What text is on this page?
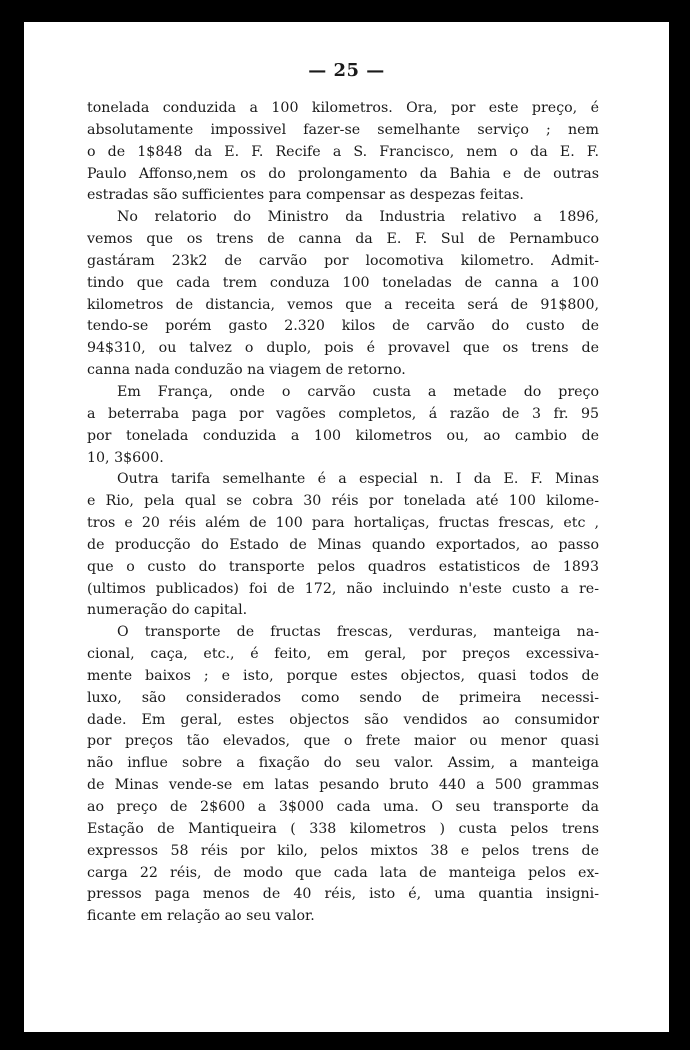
— 25 —
tonelada conduzida a 100 kilometros. Ora, por este preço, é
absolutamente impossivel fazer-se semelhante serviço ; nem
o de 1$848 da E. F. Recife a S. Francisco, nem o da E. F.
Paulo Affonso,nem os do prolongamento da Bahia e de outras
estradas são sufficientes para compensar as despezas feitas.
No relatorio do Ministro da Industria relativo a 1896,
vemos que os trens de canna da E. F. Sul de Pernambuco
gastáram 23k2 de carvão por locomotiva kilometro. Admit-
tindo que cada trem conduza 100 toneladas de canna a 100
kilometros de distancia, vemos que a receita será de 91$800,
tendo-se porém gasto 2.320 kilos de carvão do custo de
94$310, ou talvez o duplo, pois é provavel que os trens de
canna nada conduzão na viagem de retorno.
Em França, onde o carvão custa a metade do preço
a beterraba paga por vagões completos, á razão de 3 fr. 95
por tonelada conduzida a 100 kilometros ou, ao cambio de
10, 3$600.
Outra tarifa semelhante é a especial n. I da E. F. Minas
e Rio, pela qual se cobra 30 réis por tonelada até 100 kilome-
tros e 20 réis além de 100 para hortaliças, fructas frescas, etc ,
de producção do Estado de Minas quando exportados, ao passo
que o custo do transporte pelos quadros estatisticos de 1893
(ultimos publicados) foi de 172, não incluindo n'este custo a re-
numeração do capital.
O transporte de fructas frescas, verduras, manteiga na-
cional, caça, etc., é feito, em geral, por preços excessiva-
mente baixos ; e isto, porque estes objectos, quasi todos de
luxo, são considerados como sendo de primeira necessi-
dade. Em geral, estes objectos são vendidos ao consumidor
por preços tão elevados, que o frete maior ou menor quasi
não influe sobre a fixação do seu valor. Assim, a manteiga
de Minas vende-se em latas pesando bruto 440 a 500 grammas
ao preço de 2$600 a 3$000 cada uma. O seu transporte da
Estação de Mantiqueira ( 338 kilometros ) custa pelos trens
expressos 58 réis por kilo, pelos mixtos 38 e pelos trens de
carga 22 réis, de modo que cada lata de manteiga pelos ex-
pressos paga menos de 40 réis, isto é, uma quantia insigni-
ficante em relação ao seu valor.
